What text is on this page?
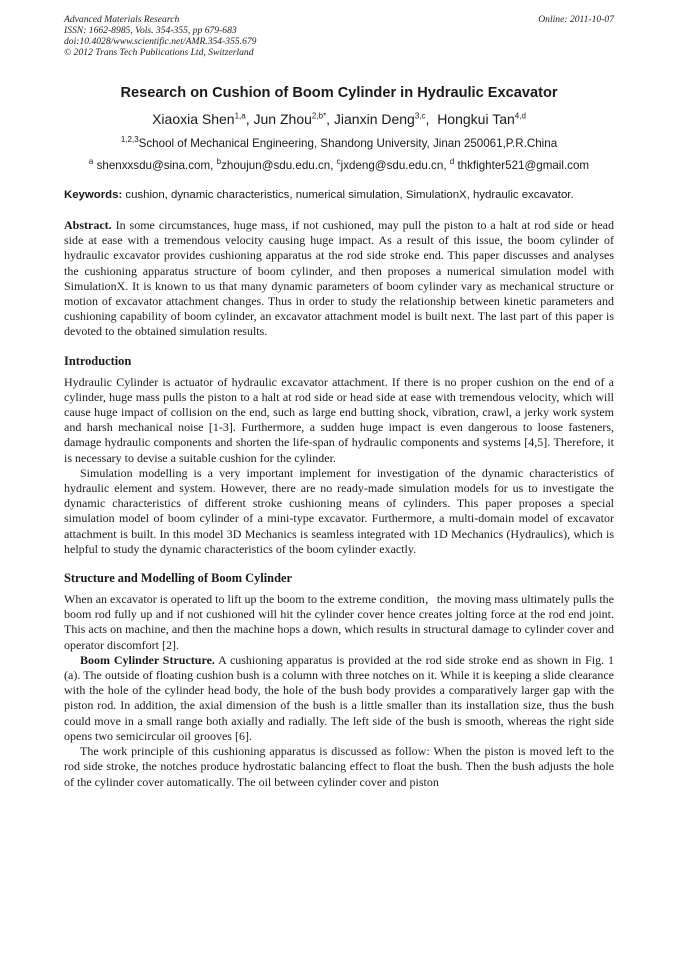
Advanced Materials Research
ISSN: 1662-8985, Vols. 354-355, pp 679-683
doi:10.4028/www.scientific.net/AMR.354-355.679
© 2012 Trans Tech Publications Ltd, Switzerland
Online: 2011-10-07
Research on Cushion of Boom Cylinder in Hydraulic Excavator
Xiaoxia Shen$^{1,a}$, Jun Zhou$^{2,b*}$, Jianxin Deng$^{3,c}$,  Hongkui Tan$^{4,d}$
$^{1,2,3}$School of Mechanical Engineering, Shandong University, Jinan 250061,P.R.China
$^a$ shenxxsdu@sina.com, $^b$zhoujun@sdu.edu.cn, $^c$jxdeng@sdu.edu.cn, $^d$ thkfighter521@gmail.com
Keywords: cushion, dynamic characteristics, numerical simulation, SimulationX, hydraulic excavator.
Abstract. In some circumstances, huge mass, if not cushioned, may pull the piston to a halt at rod side or head side at ease with a tremendous velocity causing huge impact. As a result of this issue, the boom cylinder of hydraulic excavator provides cushioning apparatus at the rod side stroke end. This paper discusses and analyses the cushioning apparatus structure of boom cylinder, and then proposes a numerical simulation model with SimulationX. It is known to us that many dynamic parameters of boom cylinder vary as mechanical structure or motion of excavator attachment changes. Thus in order to study the relationship between kinetic parameters and cushioning capability of boom cylinder, an excavator attachment model is built next. The last part of this paper is devoted to the obtained simulation results.
Introduction

Hydraulic Cylinder is actuator of hydraulic excavator attachment. If there is no proper cushion on the end of a cylinder, huge mass pulls the piston to a halt at rod side or head side at ease with tremendous velocity, which will cause huge impact of collision on the end, such as large end butting shock, vibration, crawl, a jerky work system and harsh mechanical noise [1-3]. Furthermore, a sudden huge impact is even dangerous to loose fasteners, damage hydraulic components and shorten the life-span of hydraulic components and systems [4,5]. Therefore, it is necessary to devise a suitable cushion for the cylinder.

Simulation modelling is a very important implement for investigation of the dynamic characteristics of hydraulic element and system. However, there are no ready-made simulation models for us to investigate the dynamic characteristics of different stroke cushioning means of cylinders. This paper proposes a special simulation model of boom cylinder of a mini-type excavator. Furthermore, a multi-domain model of excavator attachment is built. In this model 3D Mechanics is seamless integrated with 1D Mechanics (Hydraulics), which is helpful to study the dynamic characteristics of the boom cylinder exactly.

Structure and Modelling of Boom Cylinder

When an excavator is operated to lift up the boom to the extreme condition，the moving mass ultimately pulls the boom rod fully up and if not cushioned will hit the cylinder cover hence creates jolting force at the rod end joint. This acts on machine, and then the machine hops a down, which results in structural damage to cylinder cover and operator discomfort [2].

Boom Cylinder Structure. A cushioning apparatus is provided at the rod side stroke end as shown in Fig. 1 (a). The outside of floating cushion bush is a column with three notches on it. While it is keeping a slide clearance with the hole of the cylinder head body, the hole of the bush body provides a comparatively larger gap with the piston rod. In addition, the axial dimension of the bush is a little smaller than its installation size, thus the bush could move in a small range both axially and radially. The left side of the bush is smooth, whereas the right side opens two semicircular oil grooves [6].

The work principle of this cushioning apparatus is discussed as follow: When the piston is moved left to the rod side stroke, the notches produce hydrostatic balancing effect to float the bush. Then the bush adjusts the hole of the cylinder cover automatically. The oil between cylinder cover and piston
